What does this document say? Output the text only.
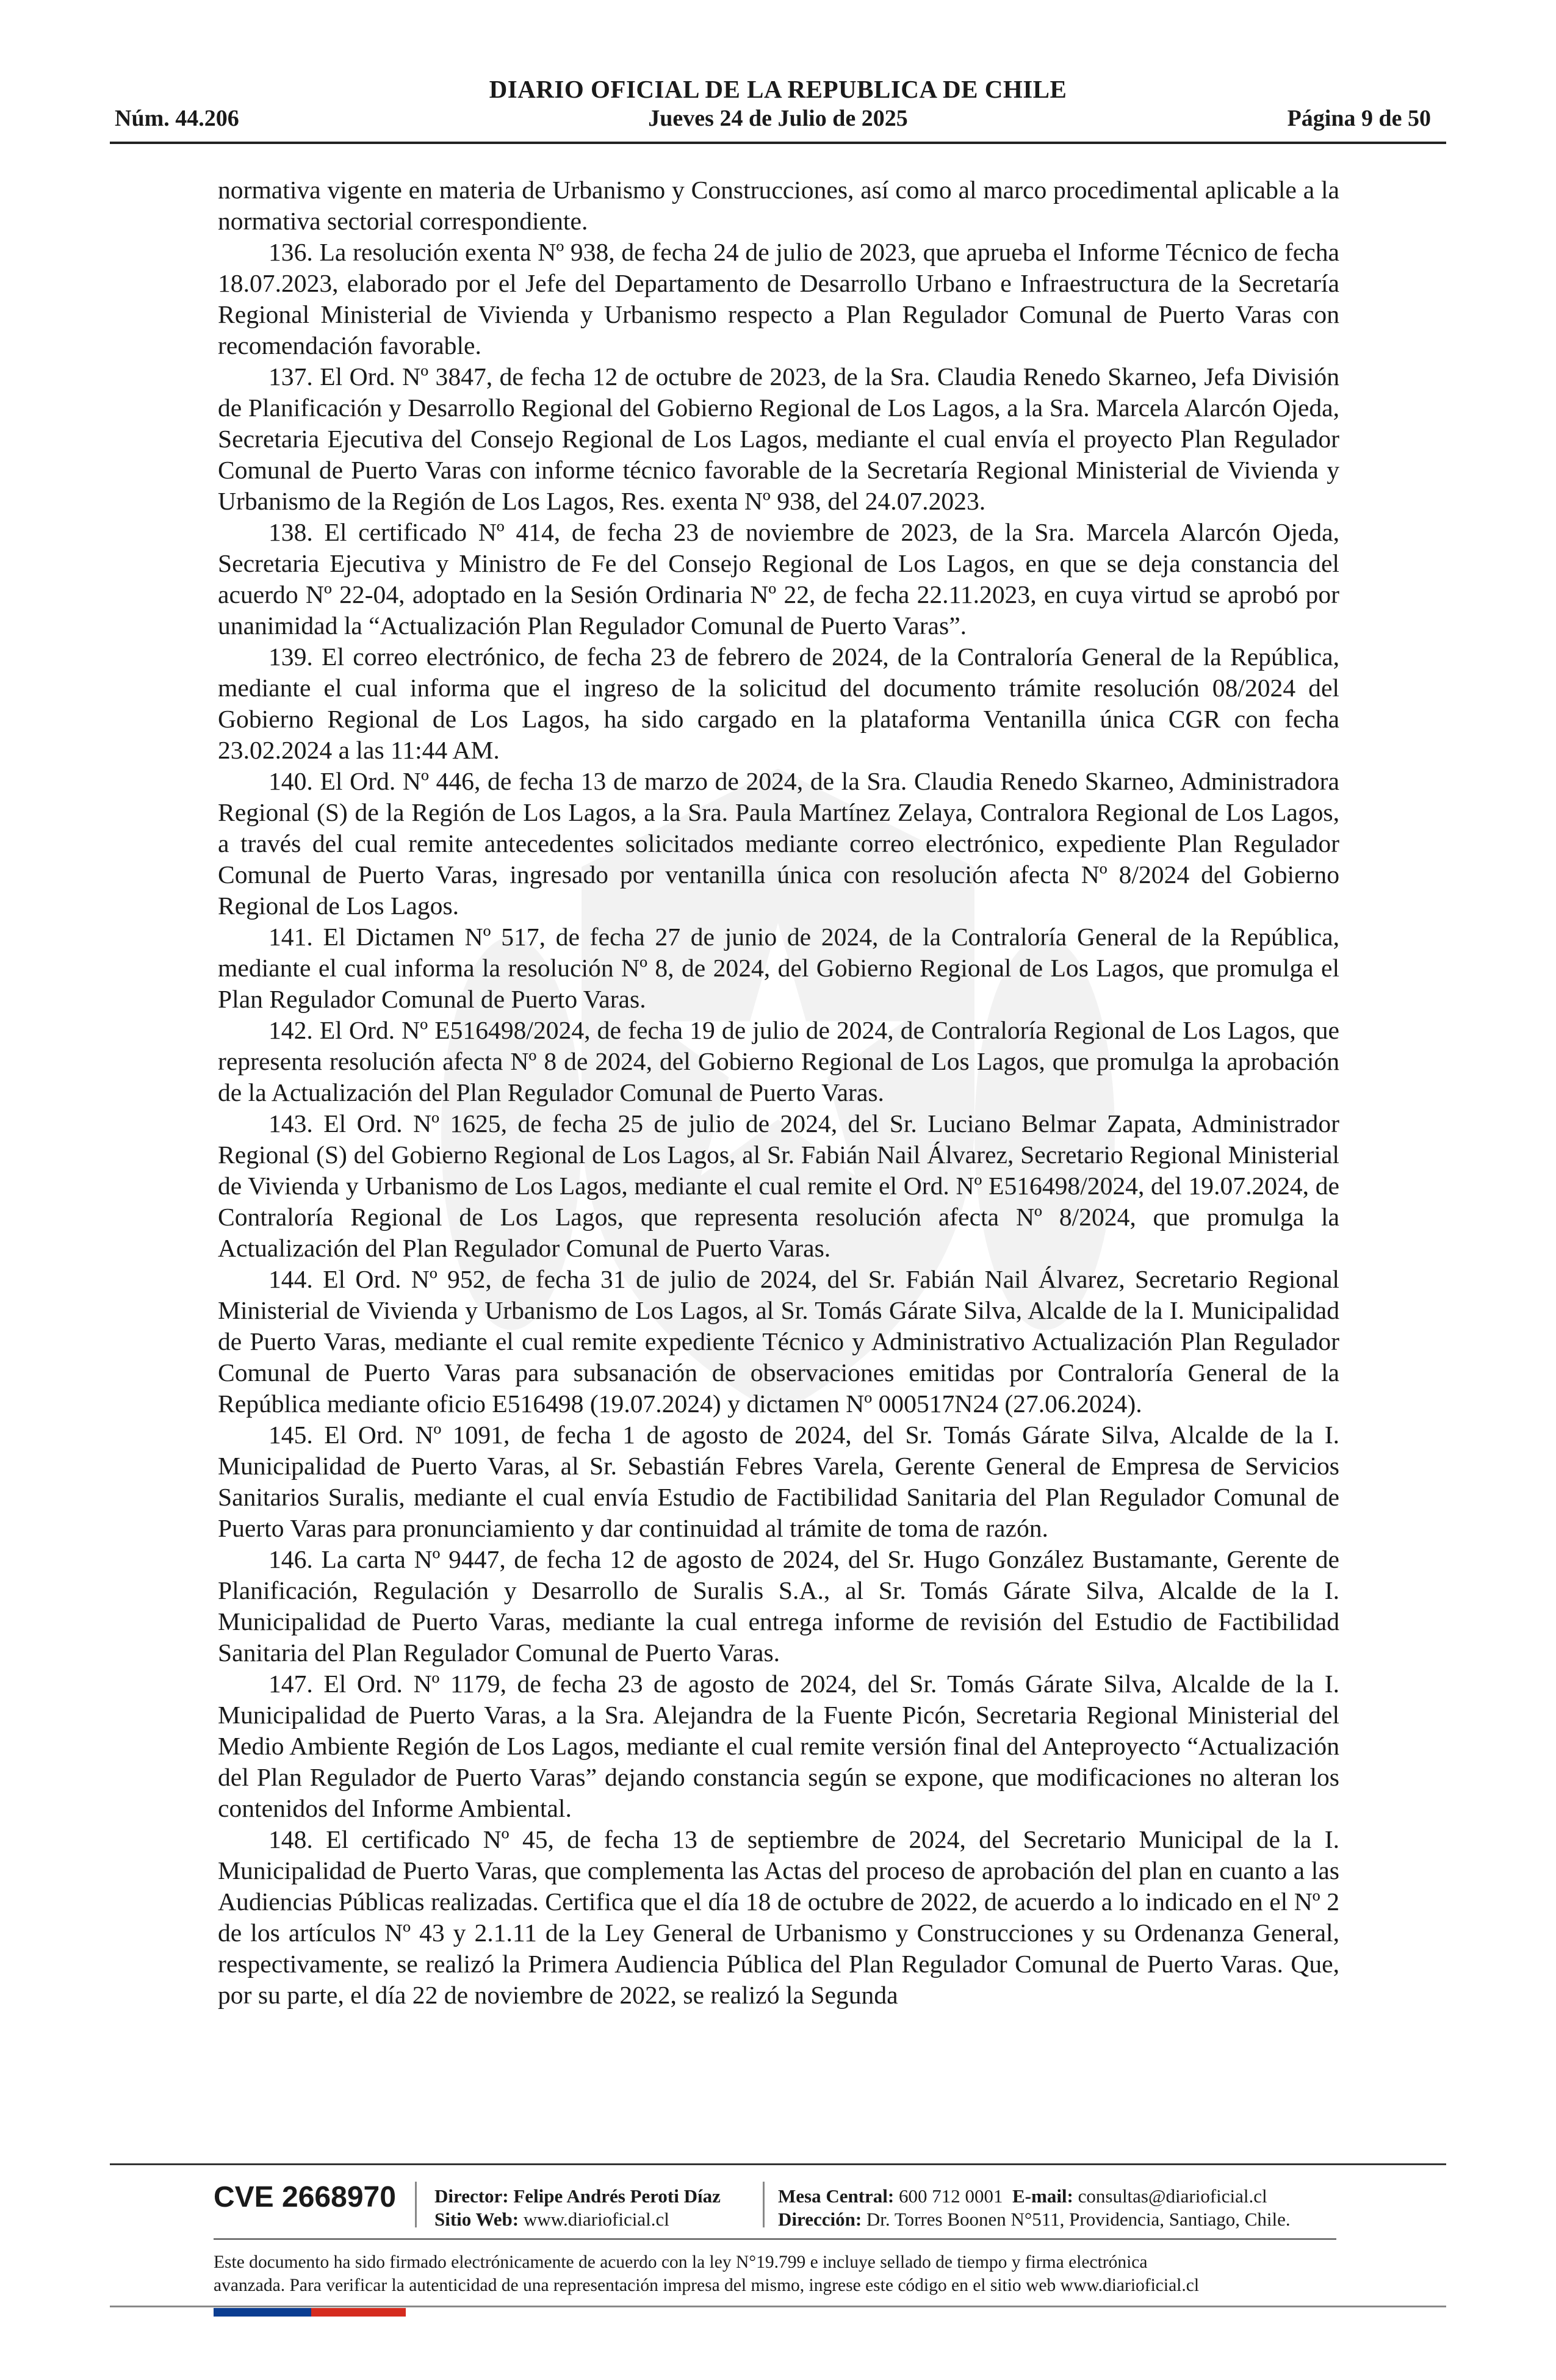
DIARIO OFICIAL DE LA REPUBLICA DE CHILE
Núm. 44.206	Jueves 24 de Julio de 2025	Página 9 de 50

normativa vigente en materia de Urbanismo y Construcciones, así como al marco procedimental aplicable a la normativa sectorial correspondiente.

136. La resolución exenta Nº 938, de fecha 24 de julio de 2023, que aprueba el Informe Técnico de fecha 18.07.2023, elaborado por el Jefe del Departamento de Desarrollo Urbano e Infraestructura de la Secretaría Regional Ministerial de Vivienda y Urbanismo respecto a Plan Regulador Comunal de Puerto Varas con recomendación favorable.

137. El Ord. Nº 3847, de fecha 12 de octubre de 2023, de la Sra. Claudia Renedo Skarneo, Jefa División de Planificación y Desarrollo Regional del Gobierno Regional de Los Lagos, a la Sra. Marcela Alarcón Ojeda, Secretaria Ejecutiva del Consejo Regional de Los Lagos, mediante el cual envía el proyecto Plan Regulador Comunal de Puerto Varas con informe técnico favorable de la Secretaría Regional Ministerial de Vivienda y Urbanismo de la Región de Los Lagos, Res. exenta Nº 938, del 24.07.2023.

138. El certificado Nº 414, de fecha 23 de noviembre de 2023, de la Sra. Marcela Alarcón Ojeda, Secretaria Ejecutiva y Ministro de Fe del Consejo Regional de Los Lagos, en que se deja constancia del acuerdo Nº 22-04, adoptado en la Sesión Ordinaria Nº 22, de fecha 22.11.2023, en cuya virtud se aprobó por unanimidad la “Actualización Plan Regulador Comunal de Puerto Varas”.

139. El correo electrónico, de fecha 23 de febrero de 2024, de la Contraloría General de la República, mediante el cual informa que el ingreso de la solicitud del documento trámite resolución 08/2024 del Gobierno Regional de Los Lagos, ha sido cargado en la plataforma Ventanilla única CGR con fecha 23.02.2024 a las 11:44 AM.

140. El Ord. Nº 446, de fecha 13 de marzo de 2024, de la Sra. Claudia Renedo Skarneo, Administradora Regional (S) de la Región de Los Lagos, a la Sra. Paula Martínez Zelaya, Contralora Regional de Los Lagos, a través del cual remite antecedentes solicitados mediante correo electrónico, expediente Plan Regulador Comunal de Puerto Varas, ingresado por ventanilla única con resolución afecta Nº 8/2024 del Gobierno Regional de Los Lagos.

141. El Dictamen Nº 517, de fecha 27 de junio de 2024, de la Contraloría General de la República, mediante el cual informa la resolución Nº 8, de 2024, del Gobierno Regional de Los Lagos, que promulga el Plan Regulador Comunal de Puerto Varas.

142. El Ord. Nº E516498/2024, de fecha 19 de julio de 2024, de Contraloría Regional de Los Lagos, que representa resolución afecta Nº 8 de 2024, del Gobierno Regional de Los Lagos, que promulga la aprobación de la Actualización del Plan Regulador Comunal de Puerto Varas.

143. El Ord. Nº 1625, de fecha 25 de julio de 2024, del Sr. Luciano Belmar Zapata, Administrador Regional (S) del Gobierno Regional de Los Lagos, al Sr. Fabián Nail Álvarez, Secretario Regional Ministerial de Vivienda y Urbanismo de Los Lagos, mediante el cual remite el Ord. Nº E516498/2024, del 19.07.2024, de Contraloría Regional de Los Lagos, que representa resolución afecta Nº 8/2024, que promulga la Actualización del Plan Regulador Comunal de Puerto Varas.

144. El Ord. Nº 952, de fecha 31 de julio de 2024, del Sr. Fabián Nail Álvarez, Secretario Regional Ministerial de Vivienda y Urbanismo de Los Lagos, al Sr. Tomás Gárate Silva, Alcalde de la I. Municipalidad de Puerto Varas, mediante el cual remite expediente Técnico y Administrativo Actualización Plan Regulador Comunal de Puerto Varas para subsanación de observaciones emitidas por Contraloría General de la República mediante oficio E516498 (19.07.2024) y dictamen Nº 000517N24 (27.06.2024).

145. El Ord. Nº 1091, de fecha 1 de agosto de 2024, del Sr. Tomás Gárate Silva, Alcalde de la I. Municipalidad de Puerto Varas, al Sr. Sebastián Febres Varela, Gerente General de Empresa de Servicios Sanitarios Suralis, mediante el cual envía Estudio de Factibilidad Sanitaria del Plan Regulador Comunal de Puerto Varas para pronunciamiento y dar continuidad al trámite de toma de razón.

146. La carta Nº 9447, de fecha 12 de agosto de 2024, del Sr. Hugo González Bustamante, Gerente de Planificación, Regulación y Desarrollo de Suralis S.A., al Sr. Tomás Gárate Silva, Alcalde de la I. Municipalidad de Puerto Varas, mediante la cual entrega informe de revisión del Estudio de Factibilidad Sanitaria del Plan Regulador Comunal de Puerto Varas.

147. El Ord. Nº 1179, de fecha 23 de agosto de 2024, del Sr. Tomás Gárate Silva, Alcalde de la I. Municipalidad de Puerto Varas, a la Sra. Alejandra de la Fuente Picón, Secretaria Regional Ministerial del Medio Ambiente Región de Los Lagos, mediante el cual remite versión final del Anteproyecto “Actualización del Plan Regulador de Puerto Varas” dejando constancia según se expone, que modificaciones no alteran los contenidos del Informe Ambiental.

148. El certificado Nº 45, de fecha 13 de septiembre de 2024, del Secretario Municipal de la I. Municipalidad de Puerto Varas, que complementa las Actas del proceso de aprobación del plan en cuanto a las Audiencias Públicas realizadas. Certifica que el día 18 de octubre de 2022, de acuerdo a lo indicado en el Nº 2 de los artículos Nº 43 y 2.1.11 de la Ley General de Urbanismo y Construcciones y su Ordenanza General, respectivamente, se realizó la Primera Audiencia Pública del Plan Regulador Comunal de Puerto Varas. Que, por su parte, el día 22 de noviembre de 2022, se realizó la Segunda

CVE 2668970 Director: Felipe Andrés Peroti Díaz
Sitio Web: www.diarioficial.cl
Mesa Central: 600 712 0001 E-mail: consultas@diarioficial.cl
Dirección: Dr. Torres Boonen N°511, Providencia, Santiago, Chile.
Este documento ha sido firmado electrónicamente de acuerdo con la ley N°19.799 e incluye sellado de tiempo y firma electrónica
avanzada. Para verificar la autenticidad de una representación impresa del mismo, ingrese este código en el sitio web www.diarioficial.cl
